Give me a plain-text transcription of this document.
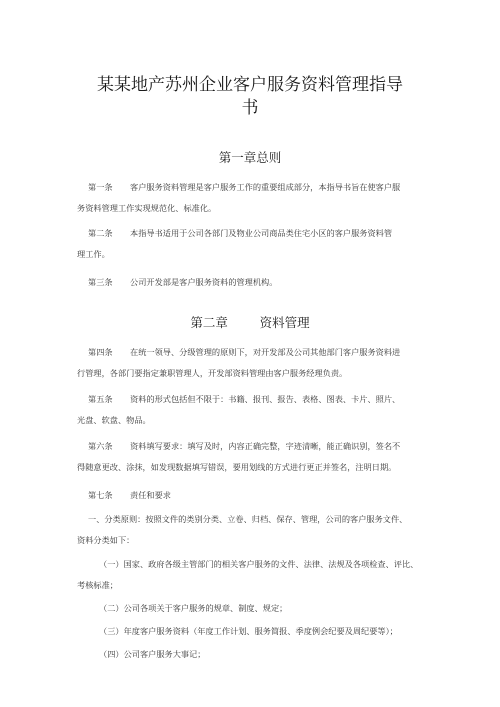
某某地产苏州企业客户服务资料管理指导
书
第一章总则

第一条 客户服务资料管理是客户服务工作的重要组成部分，本指导书旨在使客户服
务资料管理工作实现规范化、标准化。

第二条 本指导书适用于公司各部门及物业公司商品类住宅小区的客户服务资料管
理工作。

第三条 公司开发部是客户服务资料的管理机构。

第二章        资料管理

第四条 在统一领导、分级管理的原则下，对开发部及公司其他部门客户服务资料进
行管理，各部门要指定兼职管理人，开发部资料管理由客户服务经理负责。

第五条 资料的形式包括但不限于：书籍、报刊、报告、表格、图表、卡片、照片、
光盘、软盘、物品。

第六条 资料填写要求：填写及时，内容正确完整，字迹清晰，能正确识别，签名不
得随意更改、涂抹，如发现数据填写错误，要用划线的方式进行更正并签名，注明日期。

第七条 责任和要求

一、分类原则：按照文件的类别分类、立卷、归档、保存、管理，公司的客户服务文件、
资料分类如下：

（一）国家、政府各级主管部门的相关客户服务的文件、法律、法规及各项检查、评比、
考核标准；

（二）公司各项关于客户服务的规章、制度、规定；

（三）年度客户服务资料（年度工作计划、服务简报、季度例会纪要及周纪要等）；

（四）公司客户服务大事记；
